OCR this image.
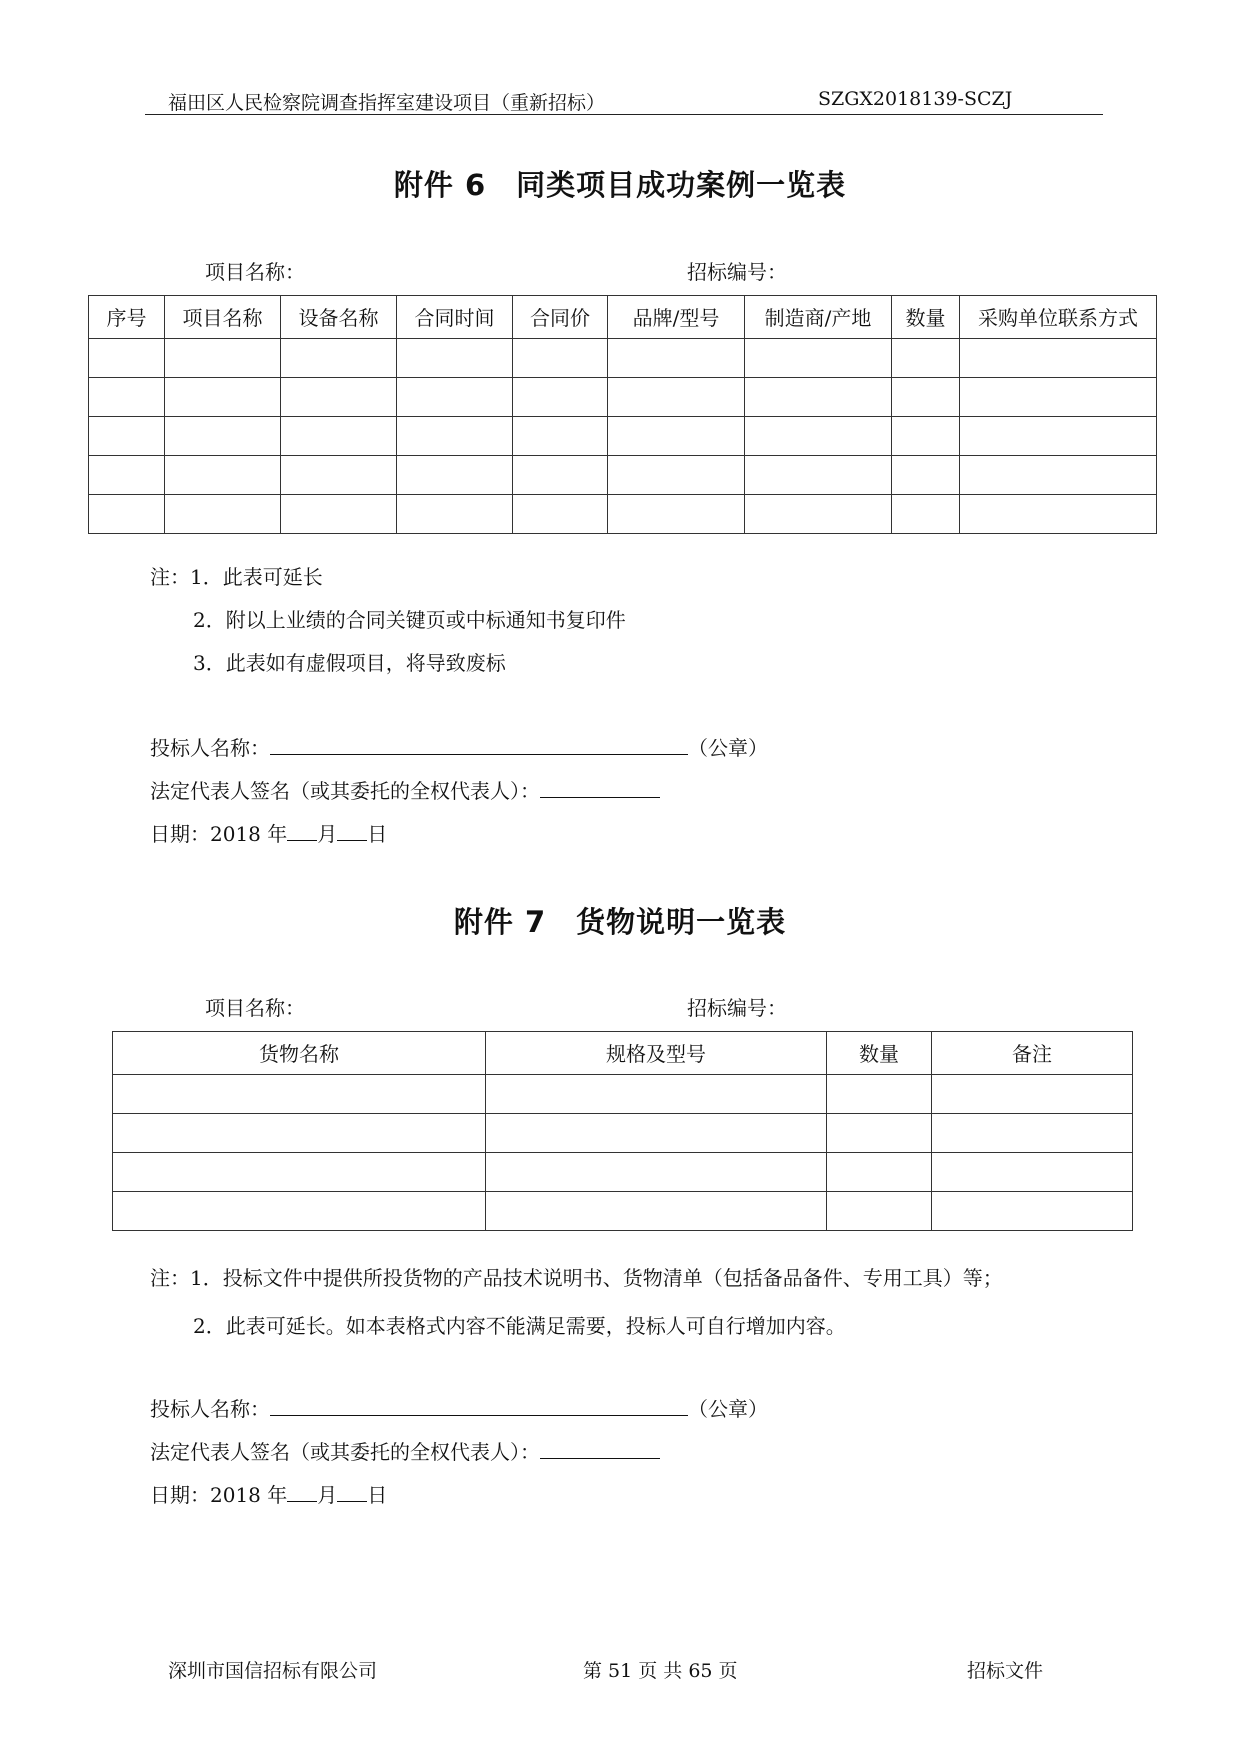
福田区人民检察院调查指挥室建设项目（重新招标）	SZGX2018139-SCZJ
附件 6　同类项目成功案例一览表
项目名称：	招标编号：
序号	项目名称	设备名称	合同时间	合同价	品牌/型号	制造商/产地	数量	采购单位联系方式

注：1．此表可延长
2．附以上业绩的合同关键页或中标通知书复印件
3．此表如有虚假项目，将导致废标
投标人名称：	（公章）
法定代表人签名（或其委托的全权代表人）：
日期：2018 年 月 日
附件 7　货物说明一览表
项目名称：	招标编号：
货物名称	规格及型号	数量	备注

注：1．投标文件中提供所投货物的产品技术说明书、货物清单（包括备品备件、专用工具）等；
2．此表可延长。如本表格式内容不能满足需要，投标人可自行增加内容。
投标人名称：	（公章）
法定代表人签名（或其委托的全权代表人）：
日期：2018 年 月 日
深圳市国信招标有限公司	第 51 页 共 65 页	招标文件
